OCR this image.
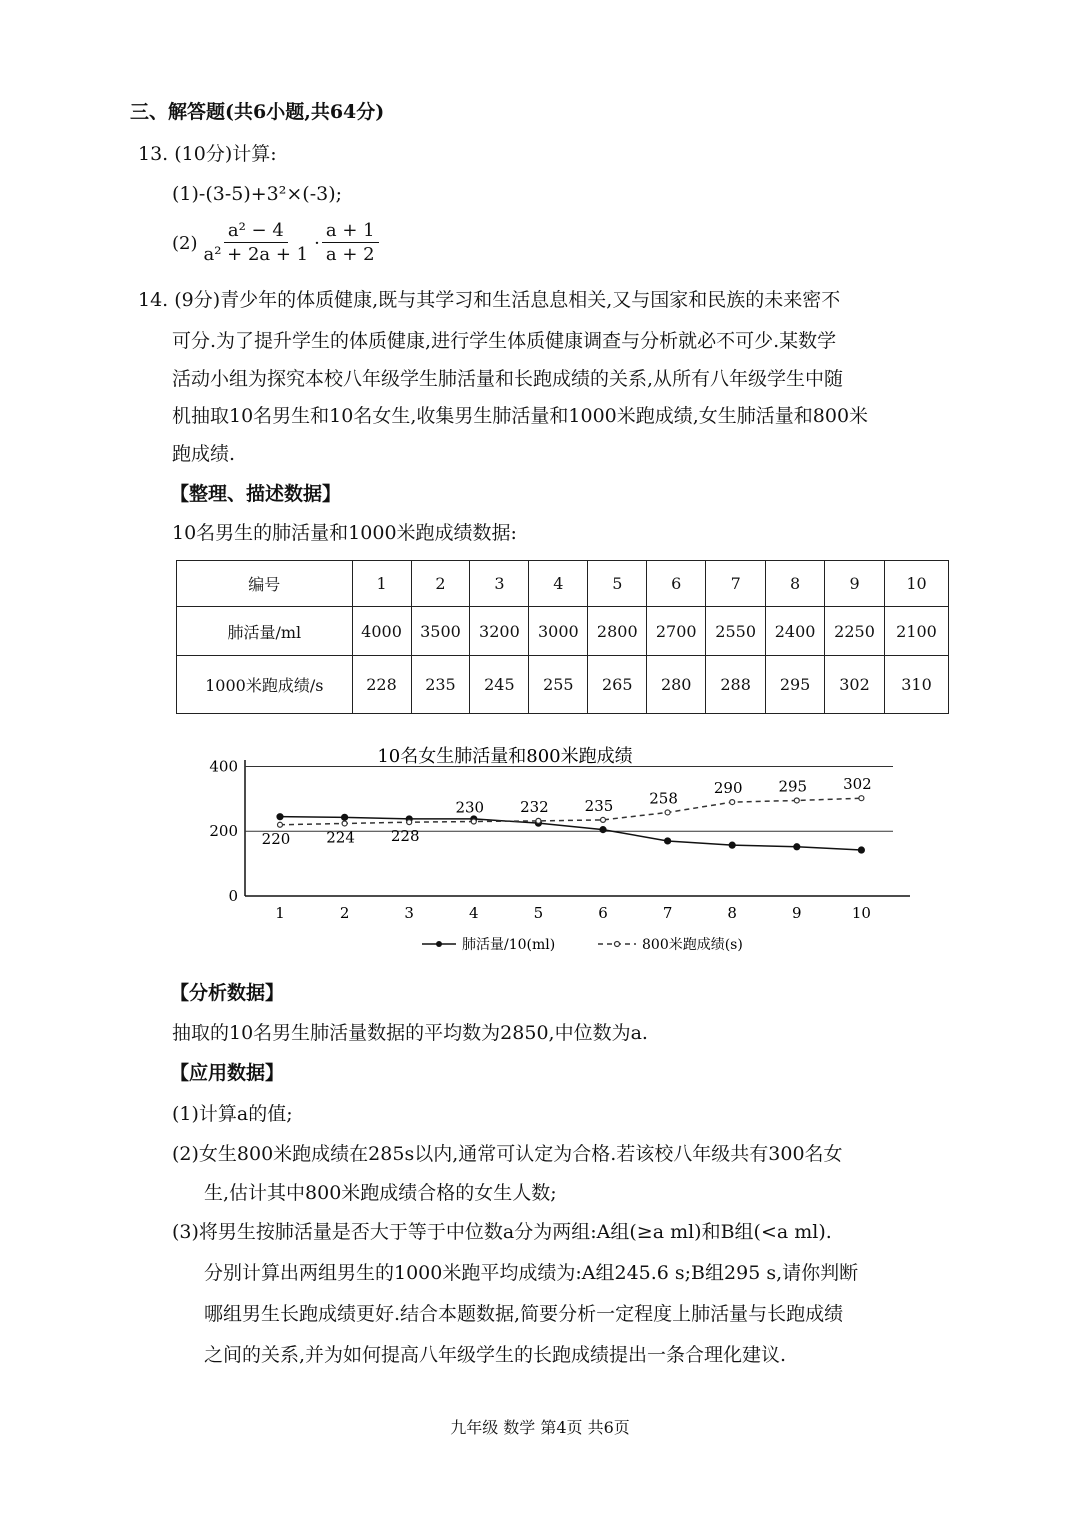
三、解答题(共6小题,共64分)
13. (10分)计算:
(1)-(3-5)+3²×(-3);
$(2) \frac{\text{a² − 4}}{\text{a² + 2a + 1}} \cdot \frac{a + 1}{a + 2}$
14. (9分)青少年的体质健康,既与其学习和生活息息相关,又与国家和民族的未来密不
可分.为了提升学生的体质健康,进行学生体质健康调查与分析就必不可少.某数学
活动小组为探究本校八年级学生肺活量和长跑成绩的关系,从所有八年级学生中随
机抽取10名男生和10名女生,收集男生肺活量和1000米跑成绩,女生肺活量和800米
跑成绩.
【整理、描述数据】
10名男生的肺活量和1000米跑成绩数据:
编号	1	2	3	4	5	6	7	8	9	10
肺活量/ml	4000	3500	3200	3000	2800	2700	2550	2400	2250	2100
1000米跑成绩/s	228	235	245	255	265	280	288	295	302	310
10名女生肺活量和800米跑成绩
0
200
400
1	2	3	4	5	6	7	8	9	10
220 224 228
230 232 235 258
290 295 302
肺活量/10(ml)	800米跑成绩(s)
【分析数据】
抽取的10名男生肺活量数据的平均数为2850,中位数为a.
【应用数据】
(1)计算a的值;
(2)女生800米跑成绩在285s以内,通常可认定为合格.若该校八年级共有300名女
生,估计其中800米跑成绩合格的女生人数;
(3)将男生按肺活量是否大于等于中位数a分为两组:A组(≥a ml)和B组(<a ml).
分别计算出两组男生的1000米跑平均成绩为:A组245.6 s;B组295 s,请你判断
哪组男生长跑成绩更好.结合本题数据,简要分析一定程度上肺活量与长跑成绩
之间的关系,并为如何提高八年级学生的长跑成绩提出一条合理化建议.
九年级 数学 第4页 共6页
